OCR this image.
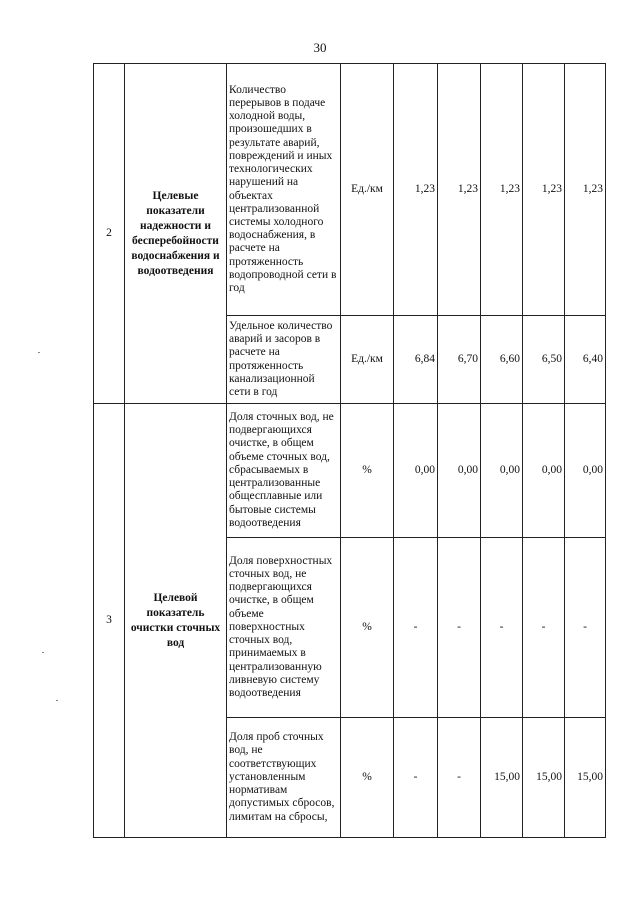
30
2	Целевые показатели надежности и бесперебойности водоснабжения и водоотведения	Количество перерывов в подаче холодной воды, произошедших в результате аварий, повреждений и иных технологических нарушений на объектах централизованной системы холодного водоснабжения, в расчете на протяженность водопроводной сети в год	Ед./км	1,23	1,23	1,23	1,23	1,23
		Удельное количество аварий и засоров в расчете на протяженность канализационной сети в год	Ед./км	6,84	6,70	6,60	6,50	6,40
3	Целевой показатель очистки сточных вод	Доля сточных вод, не подвергающихся очистке, в общем объеме сточных вод, сбрасываемых в централизованные общесплавные или бытовые системы водоотведения	%	0,00	0,00	0,00	0,00	0,00
		Доля поверхностных сточных вод, не подвергающихся очистке, в общем объеме поверхностных сточных вод, принимаемых в централизованную ливневую систему водоотведения	%	-	-	-	-	-
		Доля проб сточных вод, не соответствующих установленным нормативам допустимых сбросов, лимитам на сбросы,	%	-	-	15,00	15,00	15,00
